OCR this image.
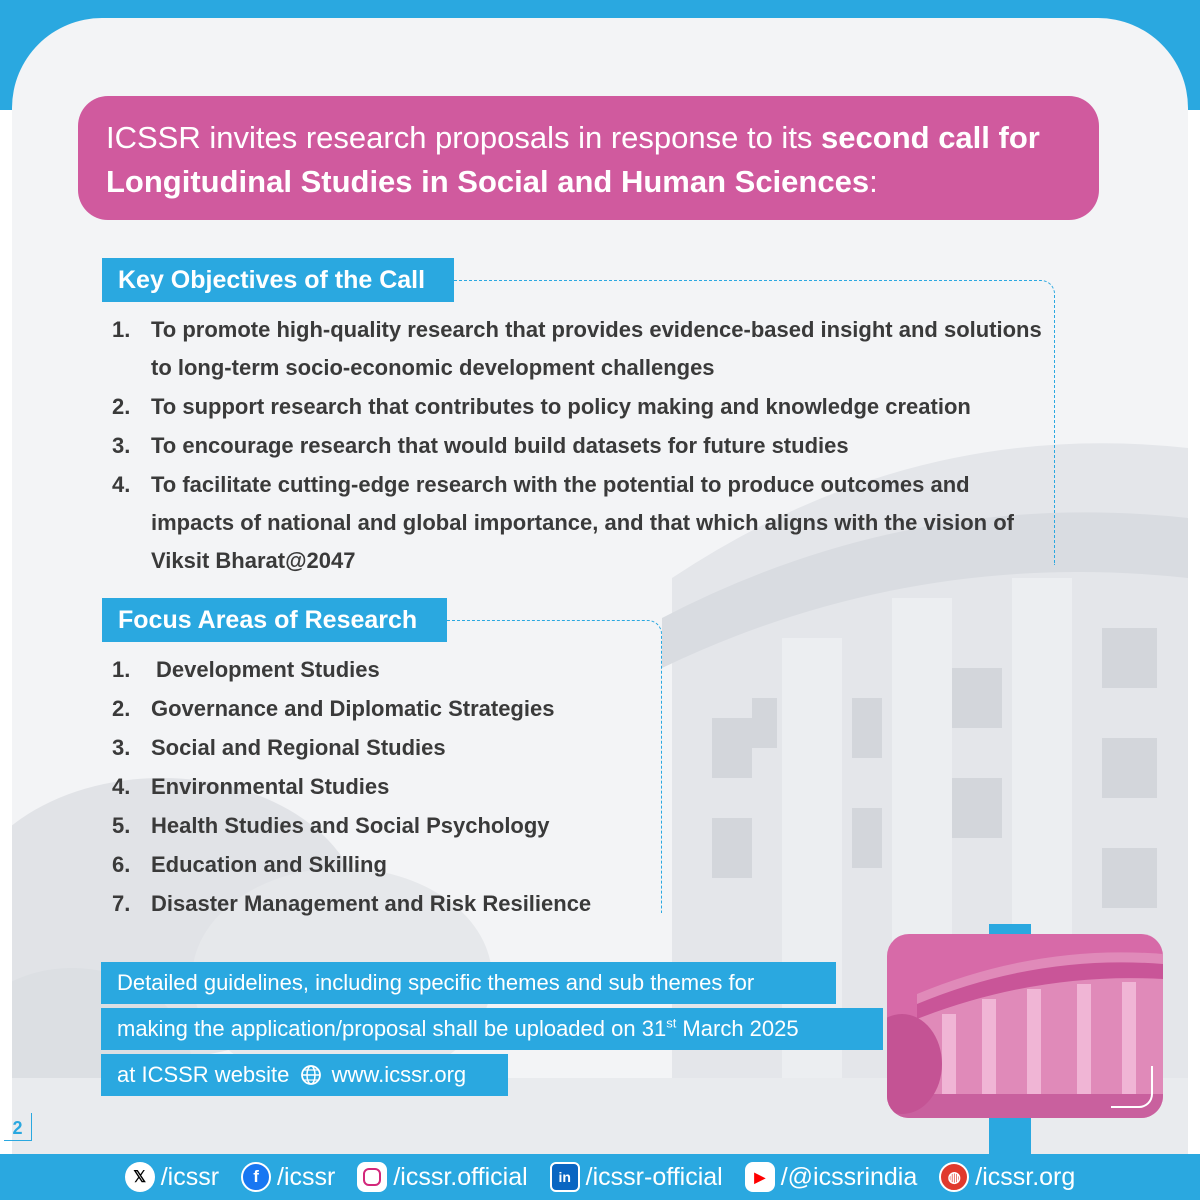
ICSSR invites research proposals in response to its second call for Longitudinal Studies in Social and Human Sciences:
Key Objectives of the Call
1. To promote high-quality research that provides evidence-based insight and solutions to long-term socio-economic development challenges
2. To support research that contributes to policy making and knowledge creation
3. To encourage research that would build datasets for future studies
4. To facilitate cutting-edge research with the potential to produce outcomes and impacts of national and global importance, and that which aligns with the vision of Viksit Bharat@2047
Focus Areas of Research
1. Development Studies
2. Governance and Diplomatic Strategies
3. Social and Regional Studies
4. Environmental Studies
5. Health Studies and Social Psychology
6. Education and Skilling
7. Disaster Management and Risk Resilience
Detailed guidelines, including specific themes and sub themes for
making the application/proposal shall be uploaded on 31st March 2025
at ICSSR website www.icssr.org
2
𝕏 /icssr	f /icssr /icssr.official	in /icssr-official	▶ /@icssrindia	◍ /icssr.org
